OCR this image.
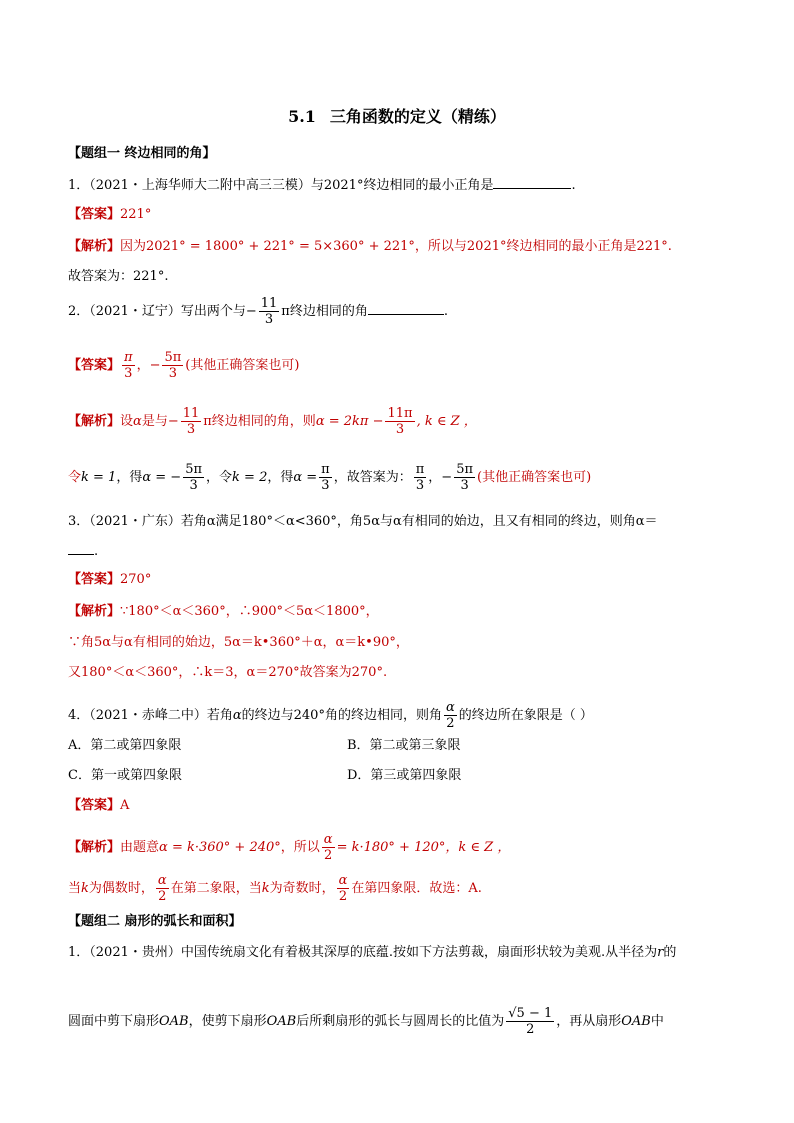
5.1 三角函数的定义（精练）
【题组一 终边相同的角】
1．（2021・上海华师大二附中高三三模）与2021°终边相同的最小正角是	.
【答案】221°
【解析】因为2021° = 1800° + 221° = 5×360° + 221°，所以与2021°终边相同的最小正角是221°.
故答案为：221°.
2．（2021・辽宁）写出两个与− $\frac{11}{3}$ π终边相同的角	.
【答案】 $\frac{\pi}{3}$ ，− $\frac{5\pi}{3}$ (其他正确答案也可)
【解析】设α是与− $\frac{11}{3}$ π终边相同的角，则$\alpha = 2k\pi - \frac{11\pi}{3}$ , k ∈ Z ，
令k = 1，得α = − $\frac{5\pi}{3}$ ，令k = 2，得$\alpha = \frac{\pi}{3}$ ，故答案为： $\frac{\pi}{3}$ ，− $\frac{5\pi}{3}$ (其他正确答案也可)
3．（2021・广东）若角α满足180°＜α<360°，角5α与α有相同的始边，且又有相同的终边，则角α＝
.
【答案】270°
【解析】∵180°＜α＜360°，∴900°＜5α＜1800°，
∵角5α与α有相同的始边，5α＝k•360°＋α，α＝k•90°，
又180°＜α＜360°，∴k＝3，α＝270°故答案为270°.
4．（2021・赤峰二中）若角α的终边与240°角的终边相同，则角 $\frac{\alpha}{2}$ 的终边所在象限是（ ）
A．第二或第四象限	B．第二或第三象限
C．第一或第四象限	D．第三或第四象限
【答案】A
【解析】由题意α = k·360° + 240°，所以 $\frac{\alpha}{2} = k\cdot 180^\circ + 120^\circ$，k ∈ Z ，
当k为偶数时， $\frac{\alpha}{2}$ 在第二象限，当k为奇数时， $\frac{\alpha}{2}$ 在第四象限．故选：A.
【题组二 扇形的弧长和面积】
1．（2021・贵州）中国传统扇文化有着极其深厚的底蕴.按如下方法剪裁，扇面形状较为美观.从半径为r的
圆面中剪下扇形OAB，使剪下扇形OAB后所剩扇形的弧长与圆周长的比值为 $\frac{√5 - 1}{2}$ ，再从扇形OAB中
